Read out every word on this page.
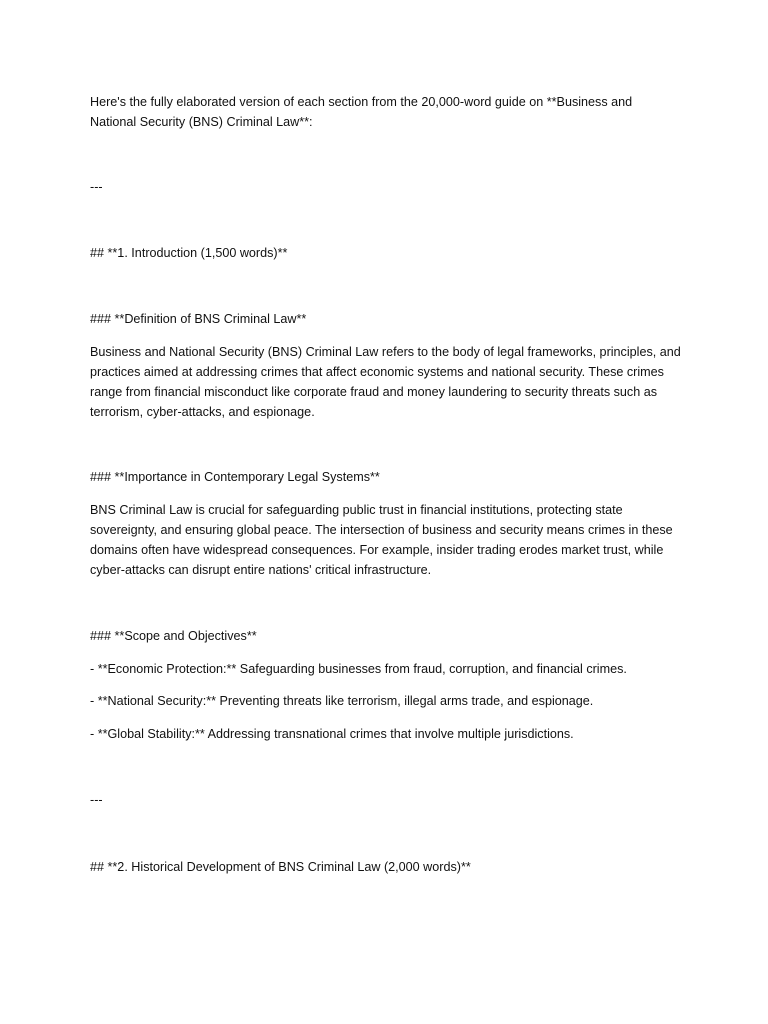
Here's the fully elaborated version of each section from the 20,000-word guide on **Business and
National Security (BNS) Criminal Law**:
---
## **1. Introduction (1,500 words)**
### **Definition of BNS Criminal Law**
Business and National Security (BNS) Criminal Law refers to the body of legal frameworks, principles, and
practices aimed at addressing crimes that affect economic systems and national security. These crimes
range from financial misconduct like corporate fraud and money laundering to security threats such as
terrorism, cyber-attacks, and espionage.
### **Importance in Contemporary Legal Systems**
BNS Criminal Law is crucial for safeguarding public trust in financial institutions, protecting state
sovereignty, and ensuring global peace. The intersection of business and security means crimes in these
domains often have widespread consequences. For example, insider trading erodes market trust, while
cyber-attacks can disrupt entire nations' critical infrastructure.
### **Scope and Objectives**
- **Economic Protection:** Safeguarding businesses from fraud, corruption, and financial crimes.
- **National Security:** Preventing threats like terrorism, illegal arms trade, and espionage.
- **Global Stability:** Addressing transnational crimes that involve multiple jurisdictions.
---
## **2. Historical Development of BNS Criminal Law (2,000 words)**
